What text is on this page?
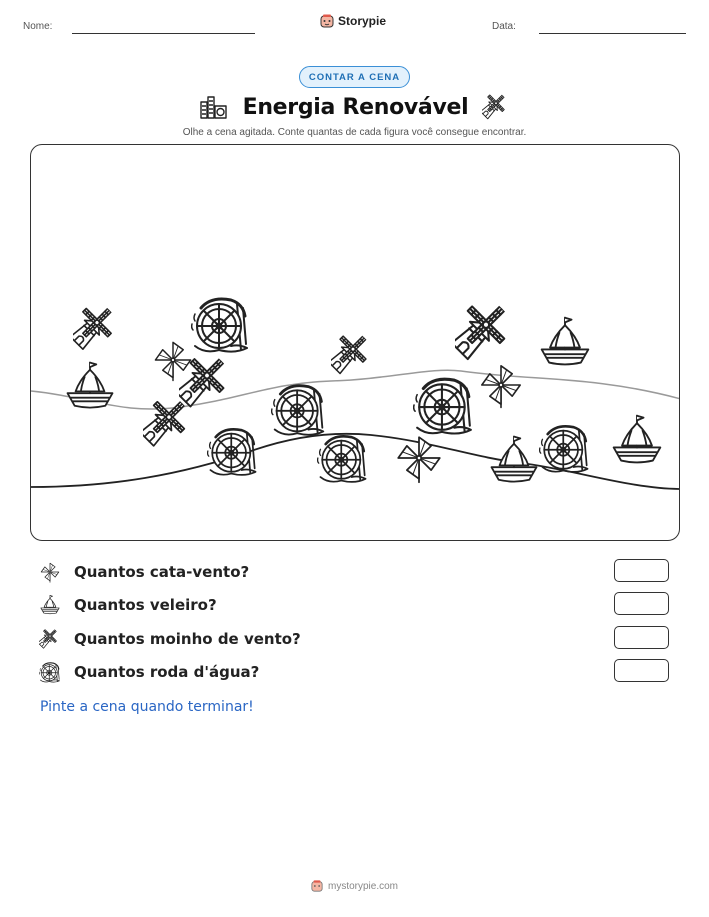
Nome:	Storypie	Data:
CONTAR A CENA
Energia Renovável
Olhe a cena agitada. Conte quantas de cada figura você consegue encontrar.
Quantos cata-vento?
Quantos veleiro?
Quantos moinho de vento?
Quantos roda d'água?
Pinte a cena quando terminar!
mystorypie.com
